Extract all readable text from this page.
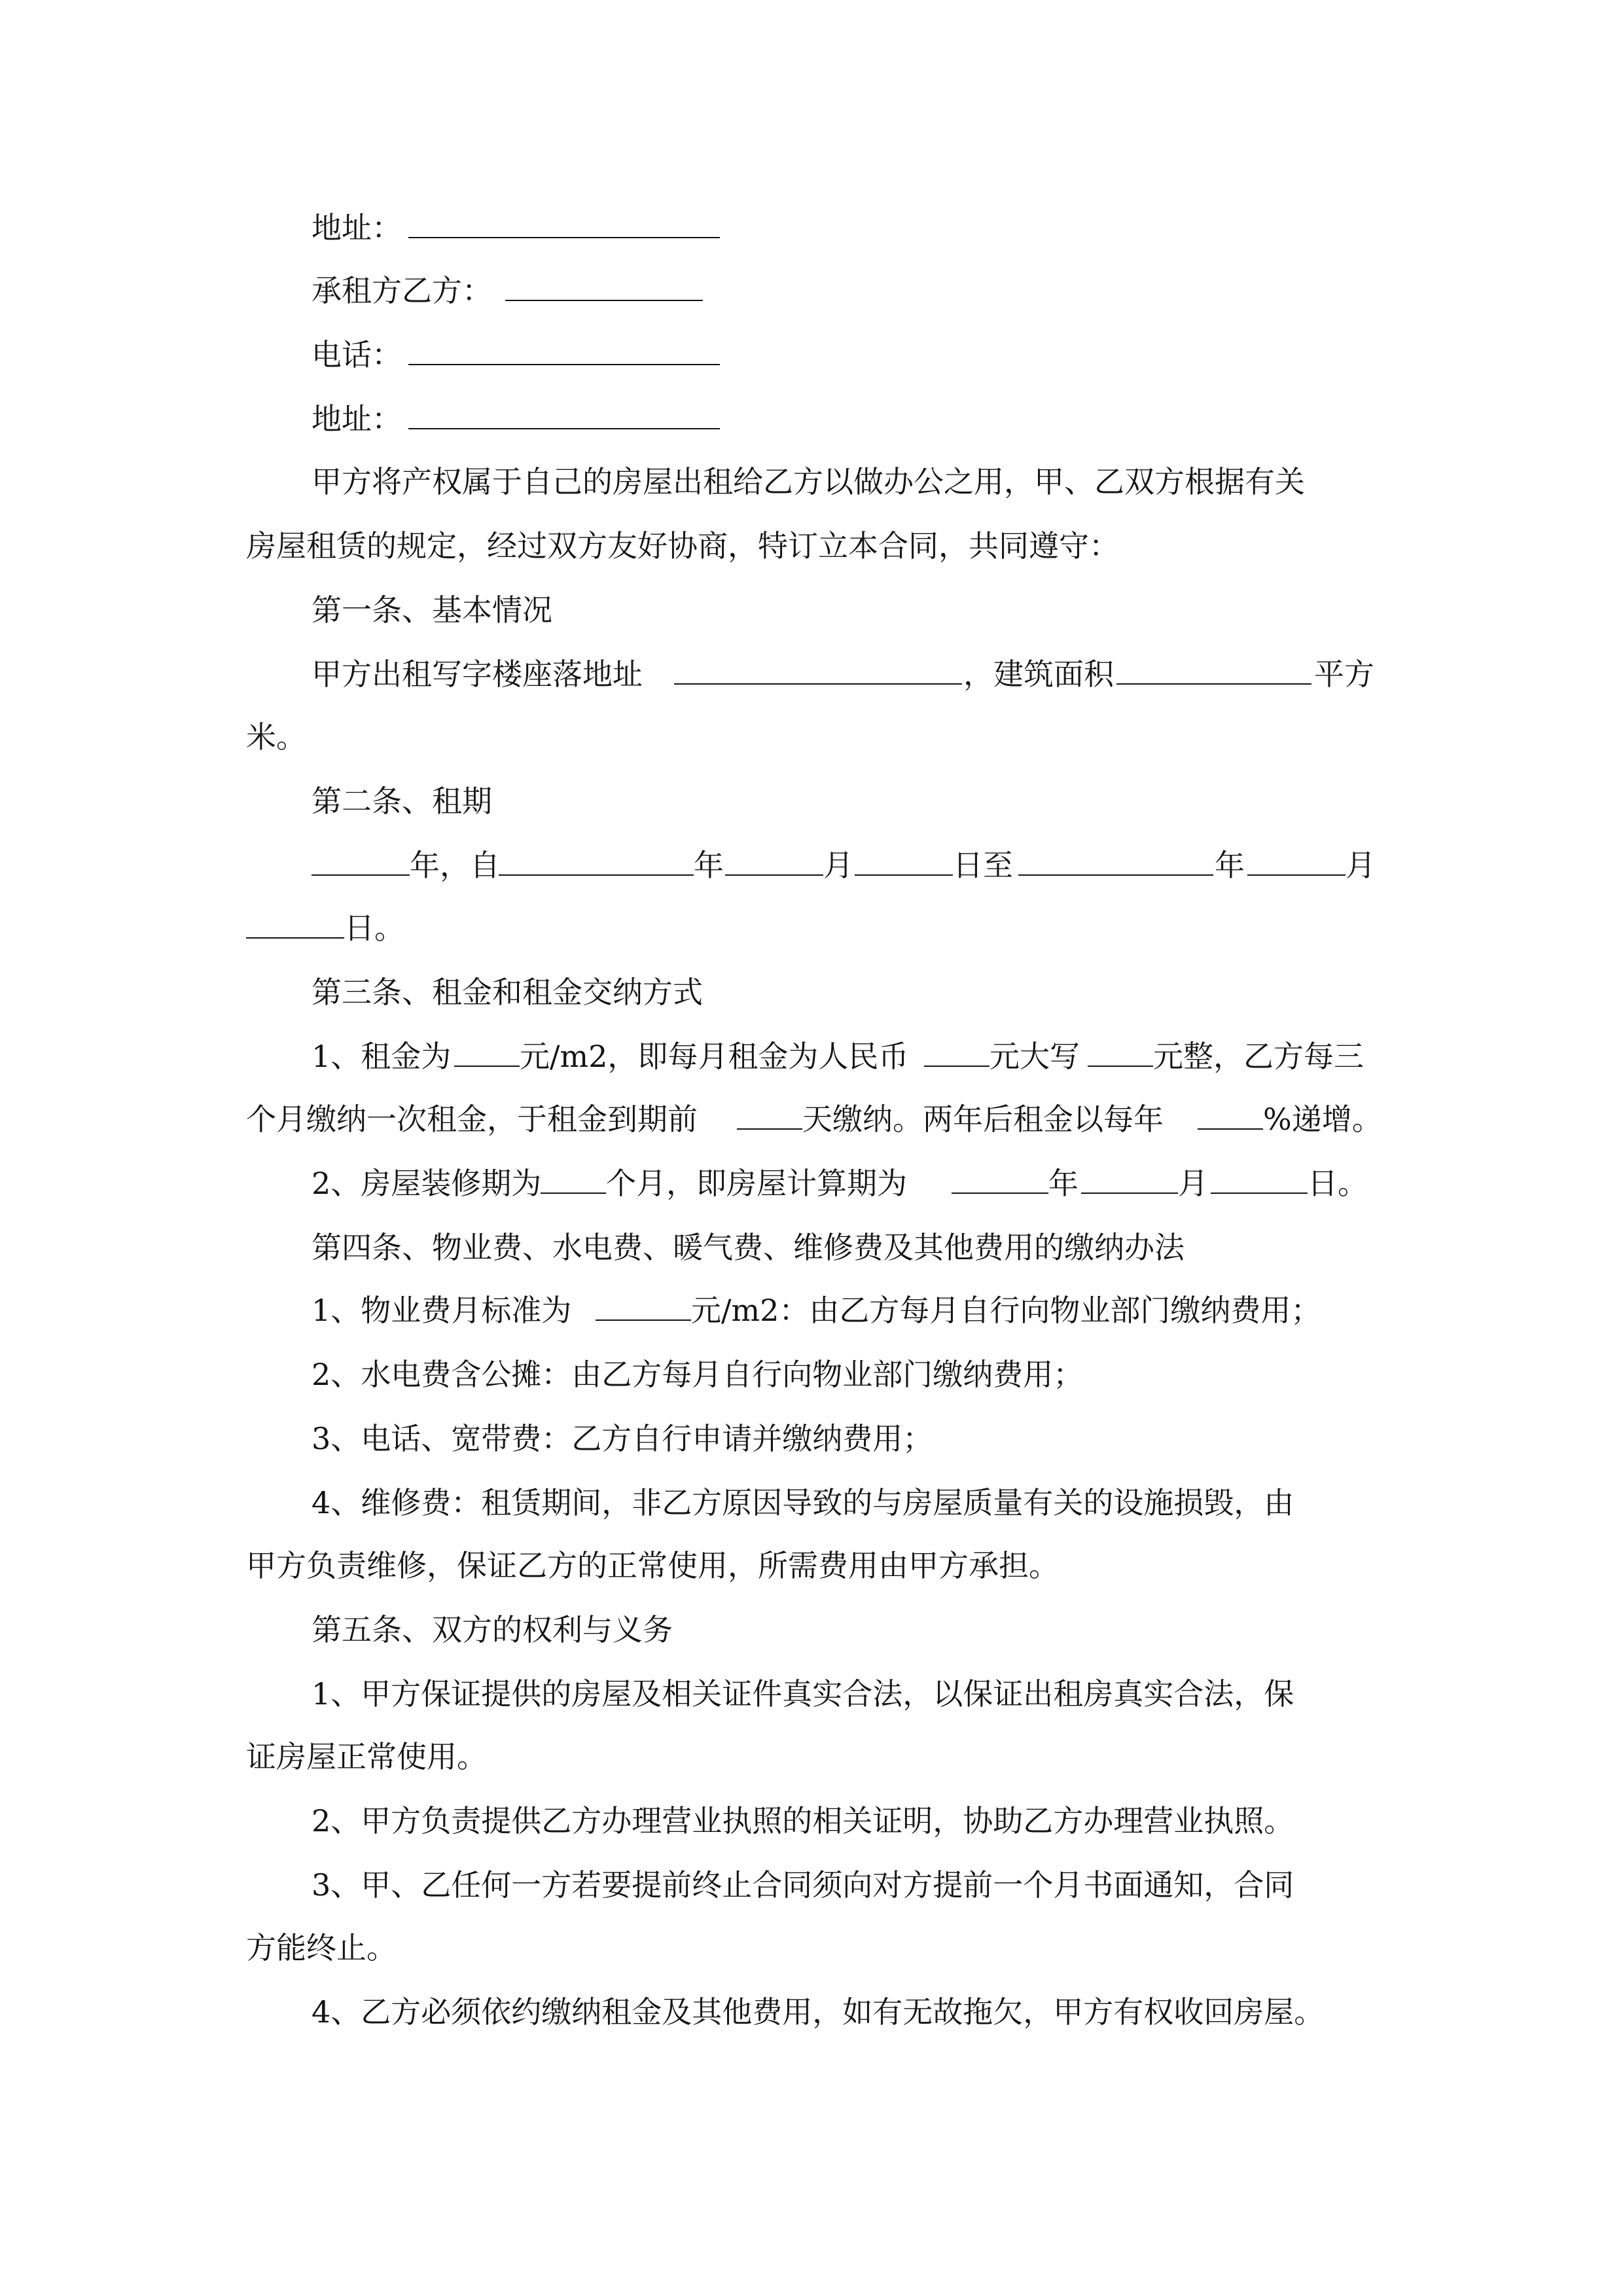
地址：
承租方乙方：
电话：
地址：
甲方将产权属于自己的房屋出租给乙方以做办公之用，甲、乙双方根据有关
房屋租赁的规定，经过双方友好协商，特订立本合同，共同遵守：
第一条、基本情况
甲方出租写字楼座落地址	，建筑面积	平方
米。
第二条、租期
年，自	年	月	日至	年	月
日。
第三条、租金和租金交纳方式
1、租金为 元/m2，即每月租金为人民币	元大写 元整，乙方每三
个月缴纳一次租金，于租金到期前	天缴纳。两年后租金以每年	%递增。
2、房屋装修期为 个月，即房屋计算期为	年	月	日。
第四条、物业费、水电费、暖气费、维修费及其他费用的缴纳办法
1、物业费月标准为	元/m2：由乙方每月自行向物业部门缴纳费用；
2、水电费含公摊：由乙方每月自行向物业部门缴纳费用；
3、电话、宽带费：乙方自行申请并缴纳费用；
4、维修费：租赁期间，非乙方原因导致的与房屋质量有关的设施损毁，由
甲方负责维修，保证乙方的正常使用，所需费用由甲方承担。
第五条、双方的权利与义务
1、甲方保证提供的房屋及相关证件真实合法，以保证出租房真实合法，保
证房屋正常使用。
2、甲方负责提供乙方办理营业执照的相关证明，协助乙方办理营业执照。
3、甲、乙任何一方若要提前终止合同须向对方提前一个月书面通知，合同
方能终止。
4、乙方必须依约缴纳租金及其他费用，如有无故拖欠，甲方有权收回房屋。
